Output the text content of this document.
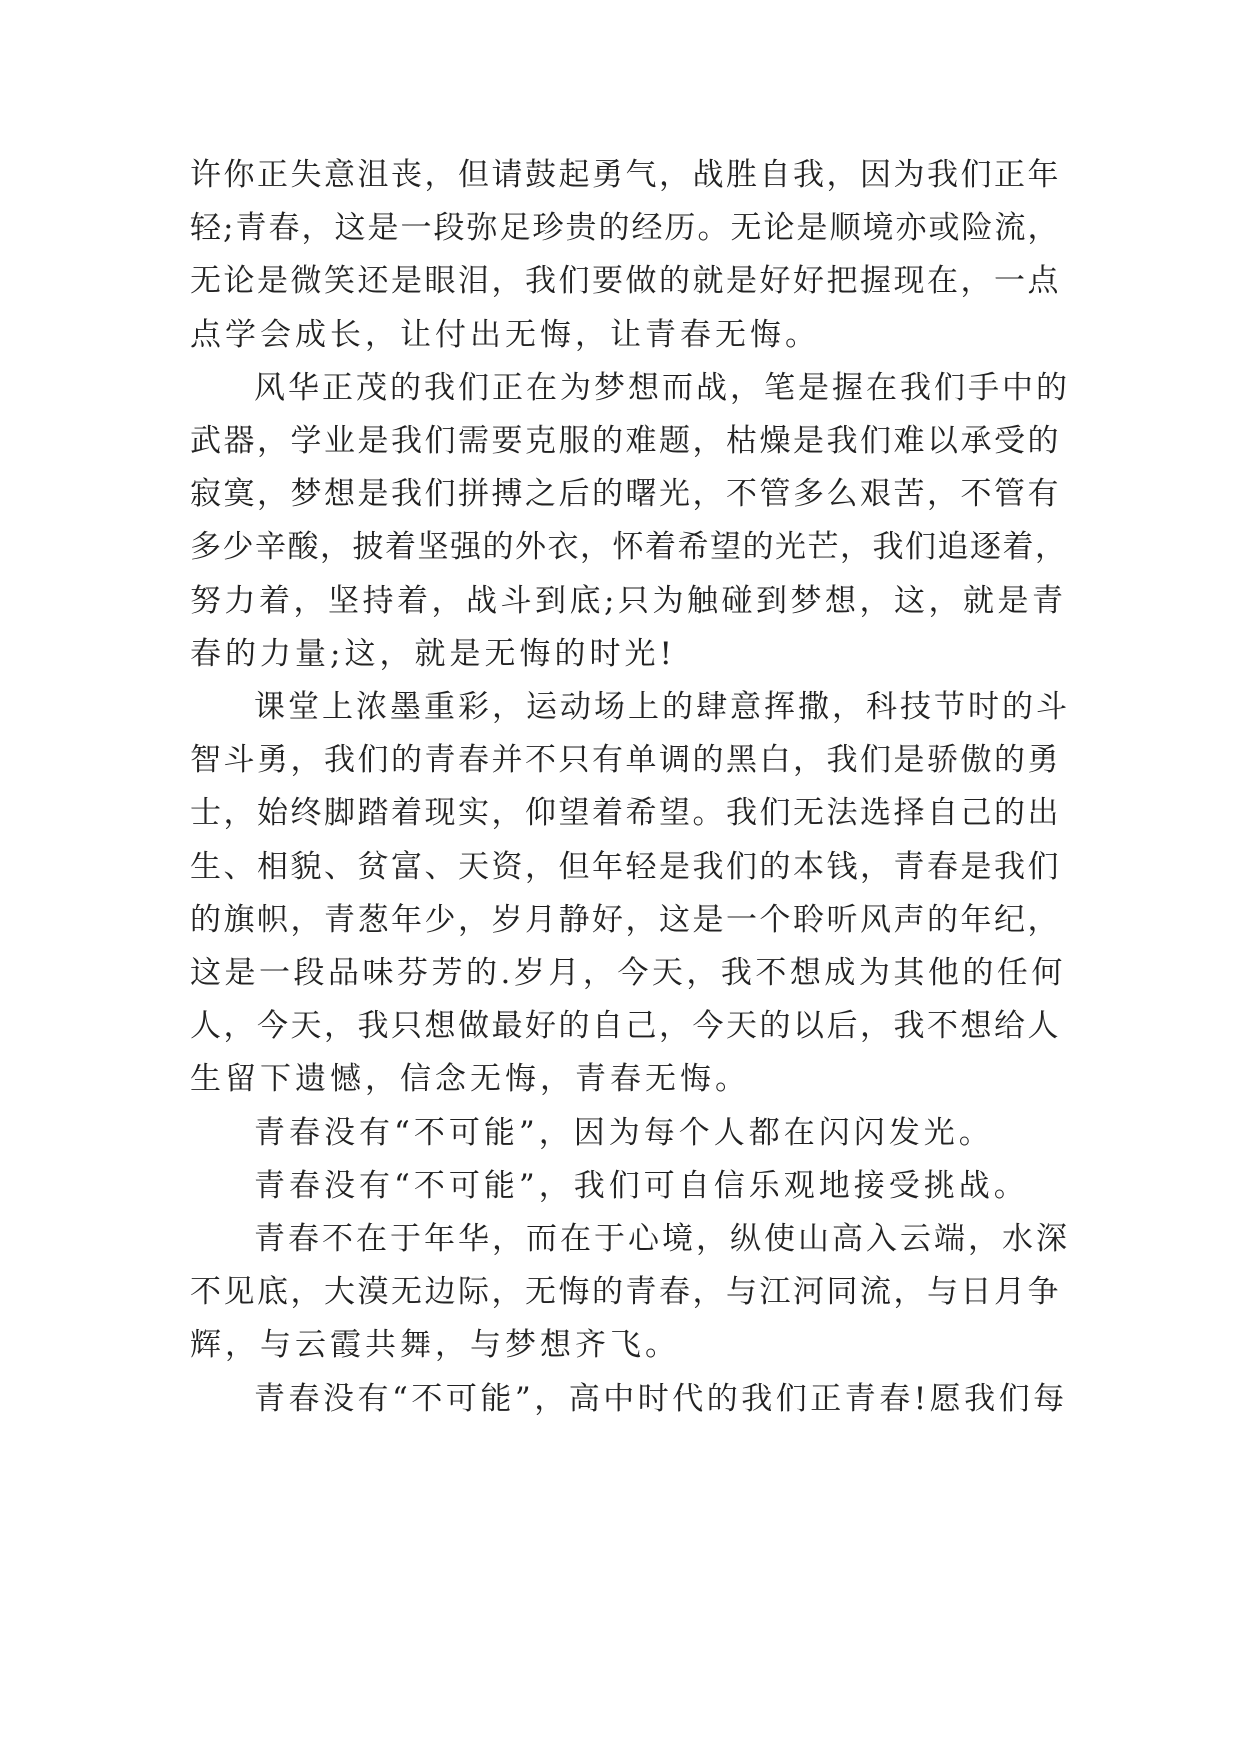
许你正失意沮丧，但请鼓起勇气，战胜自我，因为我们正年
轻;青春，这是一段弥足珍贵的经历。无论是顺境亦或险流，
无论是微笑还是眼泪，我们要做的就是好好把握现在，一点
点学会成长，让付出无悔，让青春无悔。
风华正茂的我们正在为梦想而战，笔是握在我们手中的
武器，学业是我们需要克服的难题，枯燥是我们难以承受的
寂寞，梦想是我们拼搏之后的曙光，不管多么艰苦，不管有
多少辛酸，披着坚强的外衣，怀着希望的光芒，我们追逐着，
努力着，坚持着，战斗到底;只为触碰到梦想，这，就是青
春的力量;这，就是无悔的时光!
课堂上浓墨重彩，运动场上的肆意挥撒，科技节时的斗
智斗勇，我们的青春并不只有单调的黑白，我们是骄傲的勇
士，始终脚踏着现实，仰望着希望。我们无法选择自己的出
生、相貌、贫富、天资，但年轻是我们的本钱，青春是我们
的旗帜，青葱年少，岁月静好，这是一个聆听风声的年纪，
这是一段品味芬芳的.岁月，今天，我不想成为其他的任何
人，今天，我只想做最好的自己，今天的以后，我不想给人
生留下遗憾，信念无悔，青春无悔。
青春没有“不可能”，因为每个人都在闪闪发光。
青春没有“不可能”，我们可自信乐观地接受挑战。
青春不在于年华，而在于心境，纵使山高入云端，水深
不见底，大漠无边际，无悔的青春，与江河同流，与日月争
辉，与云霞共舞，与梦想齐飞。
青春没有“不可能”，高中时代的我们正青春!愿我们每
